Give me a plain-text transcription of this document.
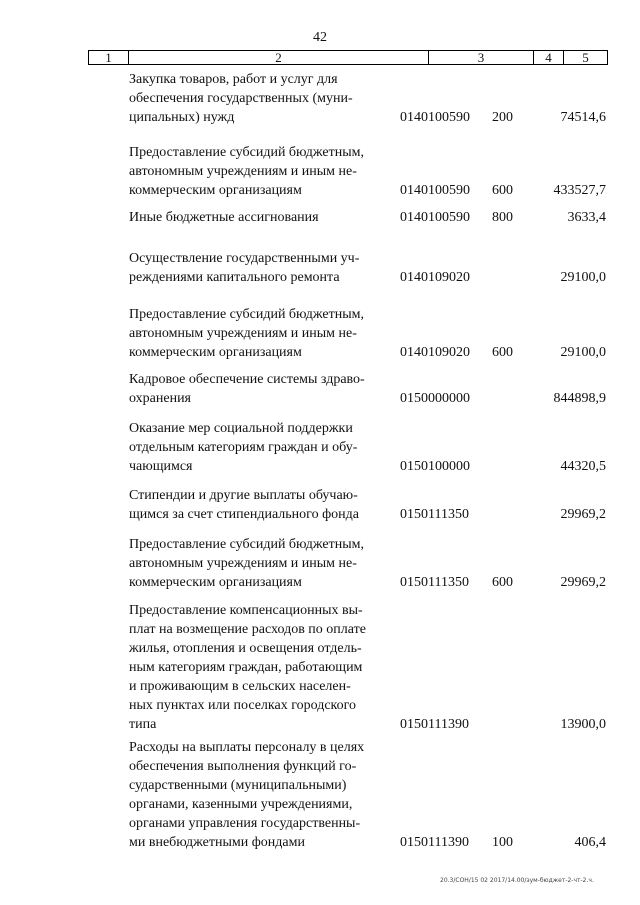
42
1	2	3	4	5
Закупка товаров, работ и услуг для
обеспечения государственных (муни-
ципальных) нужд	0140100590 200	74514,6
Предоставление субсидий бюджетным,
автономным учреждениям и иным не-
коммерческим организациям	0140100590 600	433527,7
Иные бюджетные ассигнования	0140100590 800	3633,4
Осуществление государственными уч-
реждениями капитального ремонта	0140109020	29100,0
Предоставление субсидий бюджетным,
автономным учреждениям и иным не-
коммерческим организациям	0140109020 600	29100,0
Кадровое обеспечение системы здраво-
охранения	0150000000	844898,9
Оказание мер социальной поддержки
отдельным категориям граждан и обу-
чающимся	0150100000	44320,5
Стипендии и другие выплаты обучаю-
щимся за счет стипендиального фонда	0150111350	29969,2
Предоставление субсидий бюджетным,
автономным учреждениям и иным не-
коммерческим организациям	0150111350 600	29969,2
Предоставление компенсационных вы-
плат на возмещение расходов по оплате
жилья, отопления и освещения отдель-
ным категориям граждан, работающим
и проживающим в сельских населен-
ных пунктах или поселках городского
типа	0150111390	13900,0
Расходы на выплаты персоналу в целях
обеспечения выполнения функций го-
сударственными (муниципальными)
органами, казенными учреждениями,
органами управления государственны-
ми внебюджетными фондами	0150111390 100	406,4
20.3/СОН/15 02 2017/14.00/зум-бюджет-2-чт-2.ч.
